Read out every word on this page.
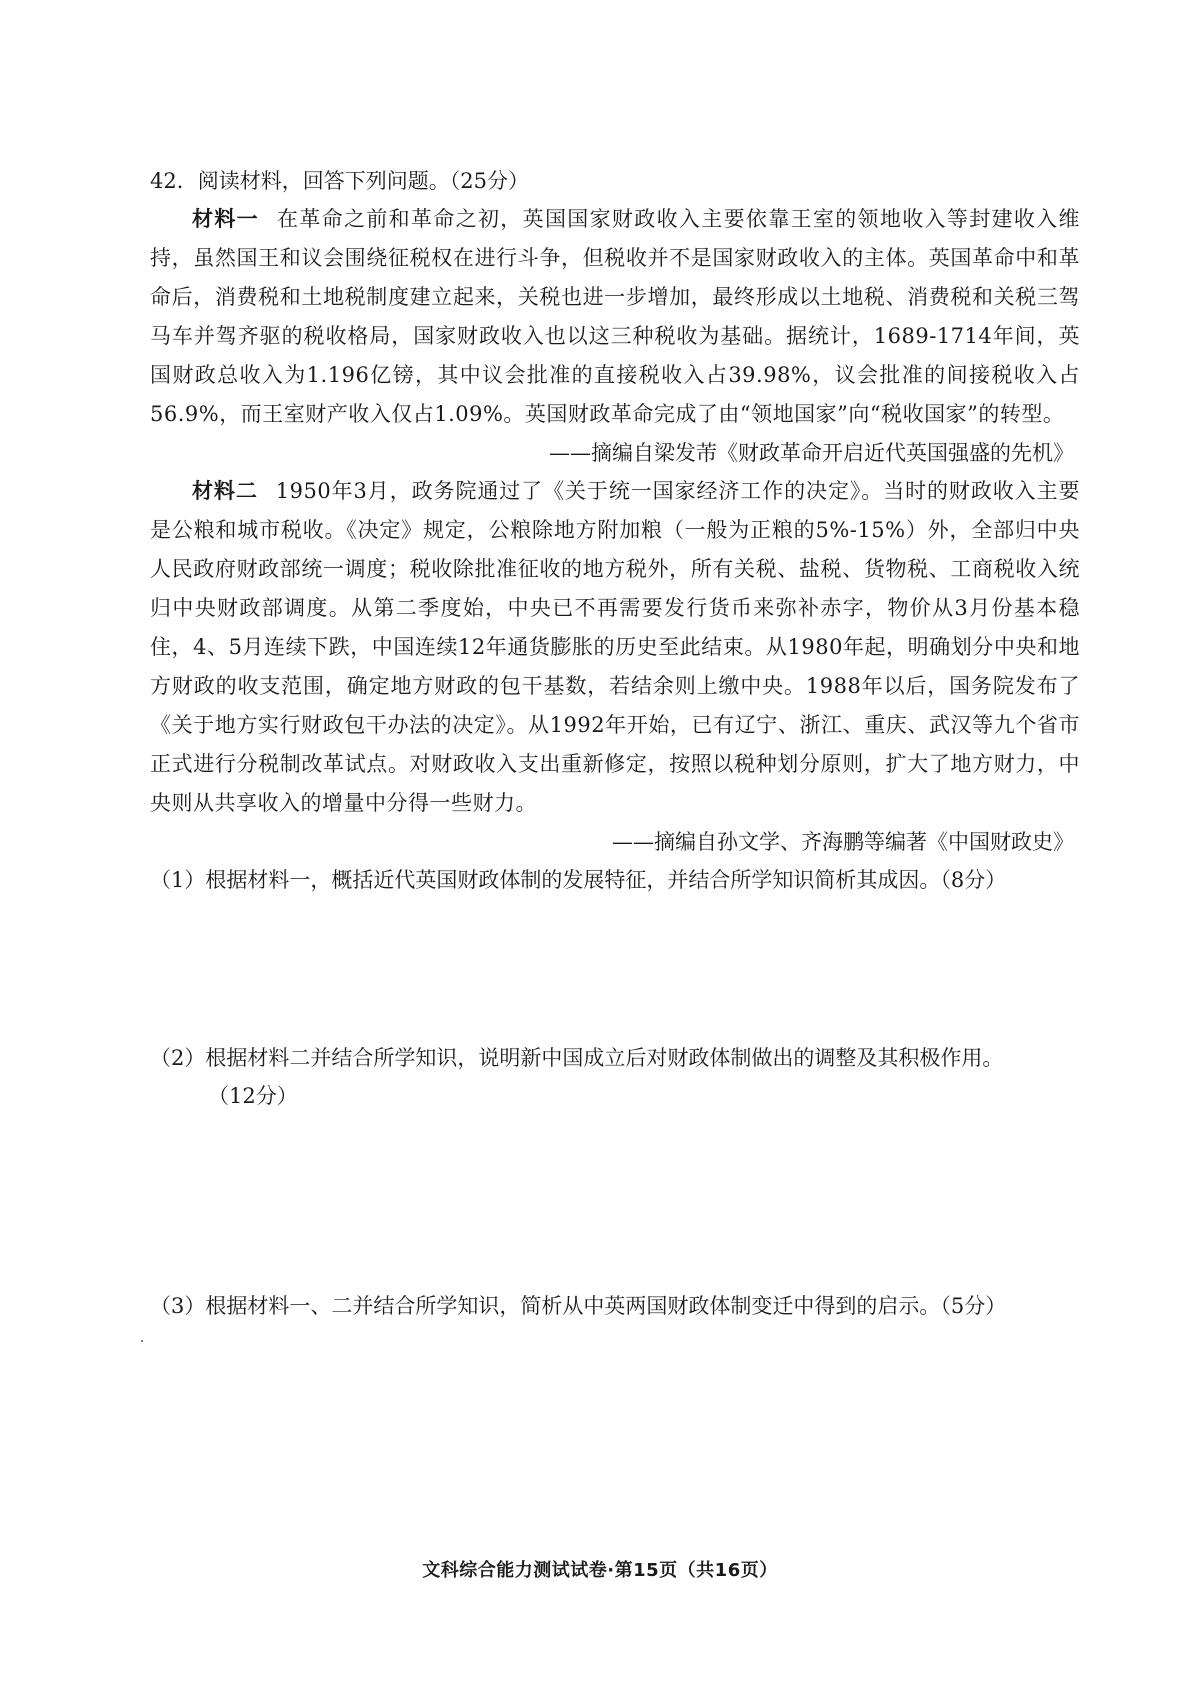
42．阅读材料，回答下列问题。（25分）

材料一 在革命之前和革命之初，英国国家财政收入主要依靠王室的领地收入等封建收入维持，虽然国王和议会围绕征税权在进行斗争，但税收并不是国家财政收入的主体。英国革命中和革命后，消费税和土地税制度建立起来，关税也进一步增加，最终形成以土地税、消费税和关税三驾马车并驾齐驱的税收格局，国家财政收入也以这三种税收为基础。据统计，1689-1714年间，英国财政总收入为1.196亿镑，其中议会批准的直接税收入占39.98%，议会批准的间接税收入占56.9%，而王室财产收入仅占1.09%。英国财政革命完成了由“领地国家”向“税收国家”的转型。

——摘编自梁发芾《财政革命开启近代英国强盛的先机》

材料二 1950年3月，政务院通过了《关于统一国家经济工作的决定》。当时的财政收入主要是公粮和城市税收。《决定》规定，公粮除地方附加粮（一般为正粮的5%-15%）外，全部归中央人民政府财政部统一调度；税收除批准征收的地方税外，所有关税、盐税、货物税、工商税收入统归中央财政部调度。从第二季度始，中央已不再需要发行货币来弥补赤字，物价从3月份基本稳住，4、5月连续下跌，中国连续12年通货膨胀的历史至此结束。从1980年起，明确划分中央和地方财政的收支范围，确定地方财政的包干基数，若结余则上缴中央。1988年以后，国务院发布了《关于地方实行财政包干办法的决定》。从1992年开始，已有辽宁、浙江、重庆、武汉等九个省市正式进行分税制改革试点。对财政收入支出重新修定，按照以税种划分原则，扩大了地方财力，中央则从共享收入的增量中分得一些财力。

——摘编自孙文学、齐海鹏等编著《中国财政史》

（1）根据材料一，概括近代英国财政体制的发展特征，并结合所学知识简析其成因。（8分）

（2）根据材料二并结合所学知识，说明新中国成立后对财政体制做出的调整及其积极作用。

（12分）

（3）根据材料一、二并结合所学知识，简析从中英两国财政体制变迁中得到的启示。（5分）

文科综合能力测试试卷·第15页（共16页）
